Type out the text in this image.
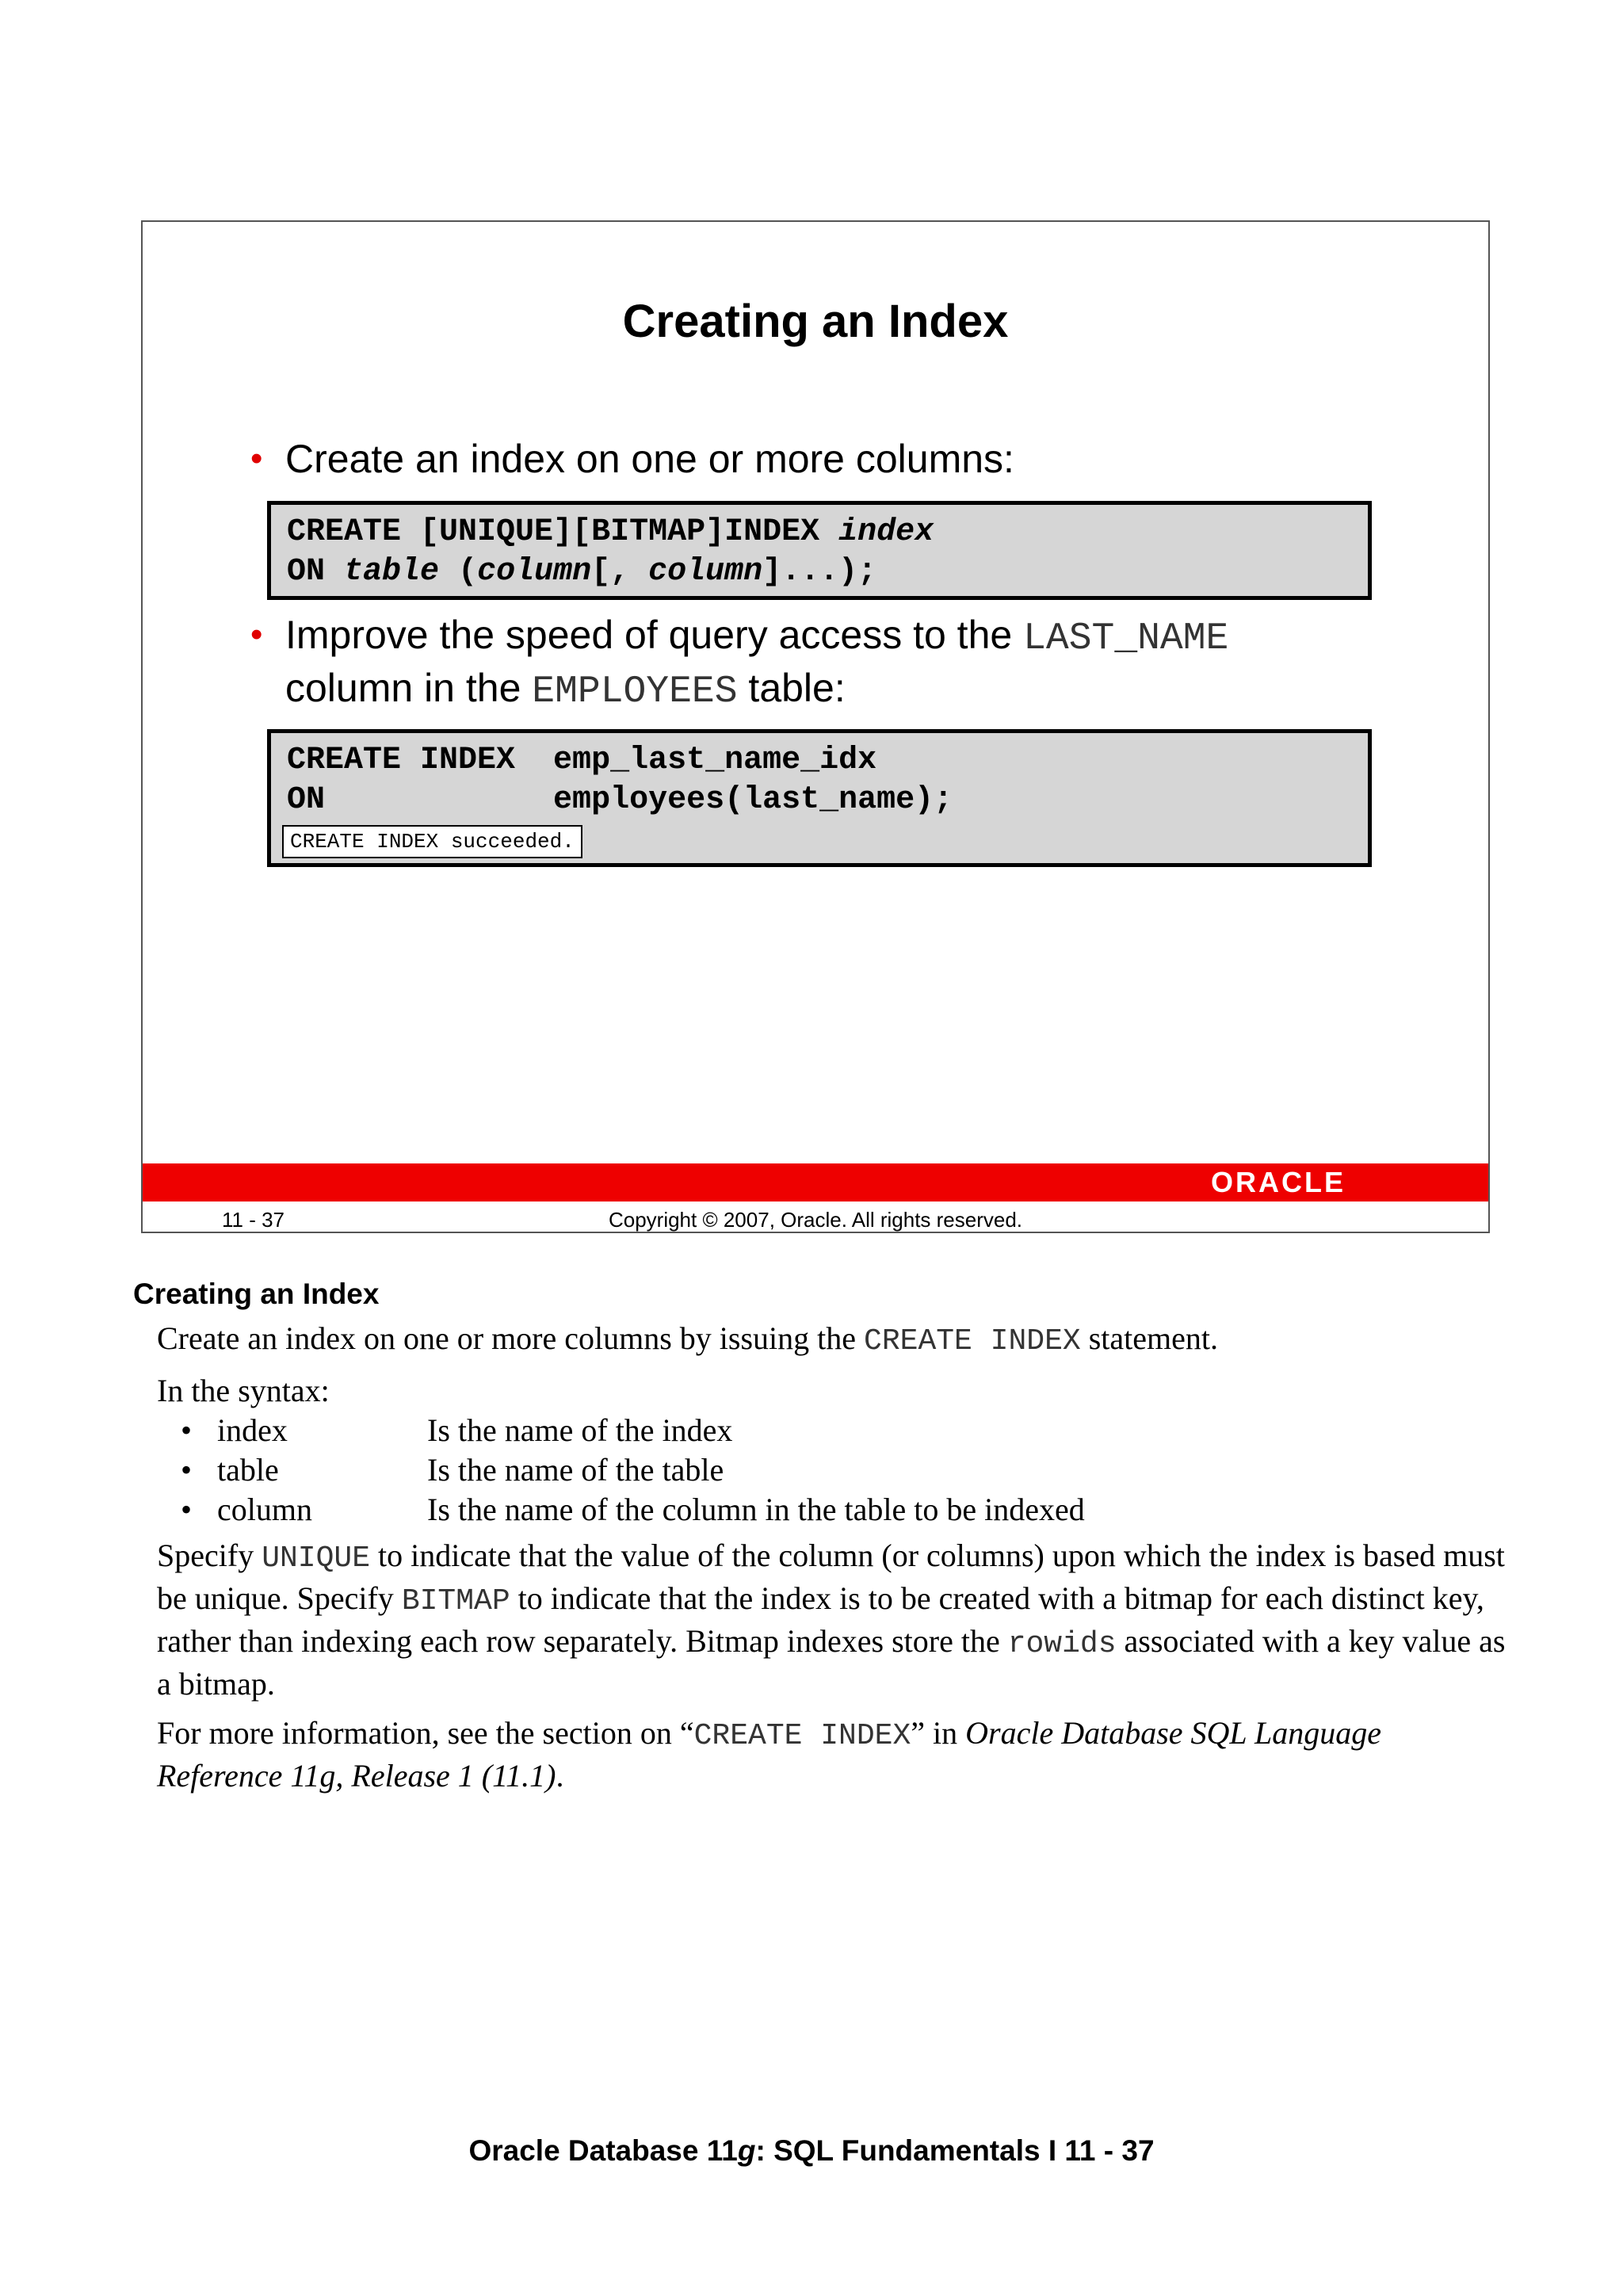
Creating an Index
• Create an index on one or more columns:
CREATE [UNIQUE][BITMAP]INDEX index
ON table (column[, column]...);
• Improve the speed of query access to the LAST_NAME
column in the EMPLOYEES table:
CREATE INDEX  emp_last_name_idx
ON            employees(last_name);
CREATE INDEX succeeded.
ORACLE
11 - 37	Copyright © 2007, Oracle. All rights reserved.
Creating an Index

Create an index on one or more columns by issuing the CREATE INDEX statement.

In the syntax:
• index	Is the name of the index
• table	Is the name of the table
• column	Is the name of the column in the table to be indexed

Specify UNIQUE to indicate that the value of the column (or columns) upon which the index is based must be unique. Specify BITMAP to indicate that the index is to be created with a bitmap for each distinct key, rather than indexing each row separately. Bitmap indexes store the rowids associated with a key value as a bitmap.

For more information, see the section on “CREATE INDEX” in Oracle Database SQL Language Reference 11g, Release 1 (11.1).

Oracle Database 11g: SQL Fundamentals I 11 - 37
